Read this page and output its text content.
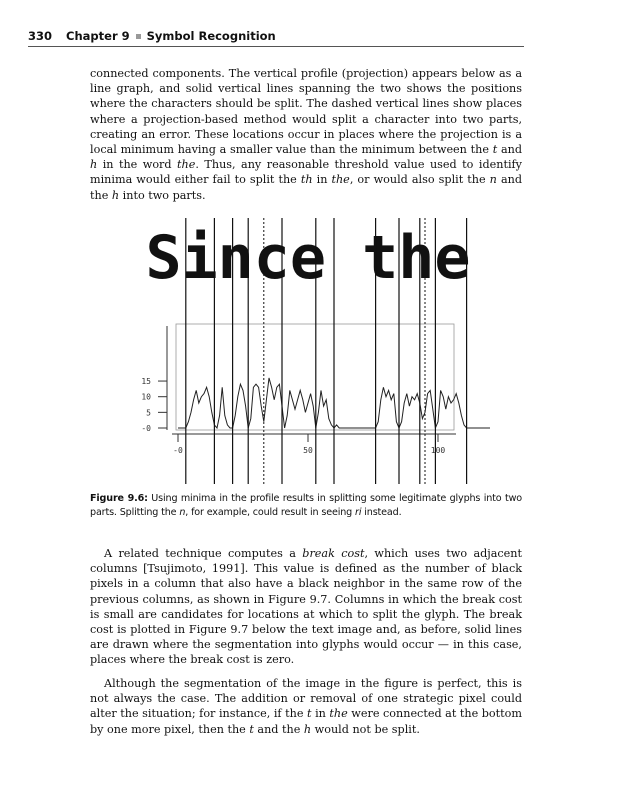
330 Chapter 9 Symbol Recognition

connected components. The vertical profile (projection) appears below as a line graph, and solid vertical lines spanning the two shows the positions where the characters should be split. The dashed vertical lines show places where a projection-based method would split a character into two parts, creating an error. These locations occur in places where the projection is a local minimum having a smaller value than the minimum between the t and h in the word the. Thus, any reasonable threshold value used to identify minima would either fail to split the th in the, or would also split the n and the h into two parts.

Since the
-0
5
10
15
-0	50	100
Figure 9.6: Using minima in the profile results in splitting some legitimate glyphs into two parts. Splitting the n, for example, could result in seeing ri instead.

A related technique computes a break cost, which uses two adjacent columns [Tsujimoto, 1991]. This value is defined as the number of black pixels in a column that also have a black neighbor in the same row of the previous columns, as shown in Figure 9.7. Columns in which the break cost is small are candidates for locations at which to split the glyph. The break cost is plotted in Figure 9.7 below the text image and, as before, solid lines are drawn where the segmentation into glyphs would occur — in this case, places where the break cost is zero.

Although the segmentation of the image in the figure is perfect, this is not always the case. The addition or removal of one strategic pixel could alter the situation; for instance, if the t in the were connected at the bottom by one more pixel, then the t and the h would not be split.
